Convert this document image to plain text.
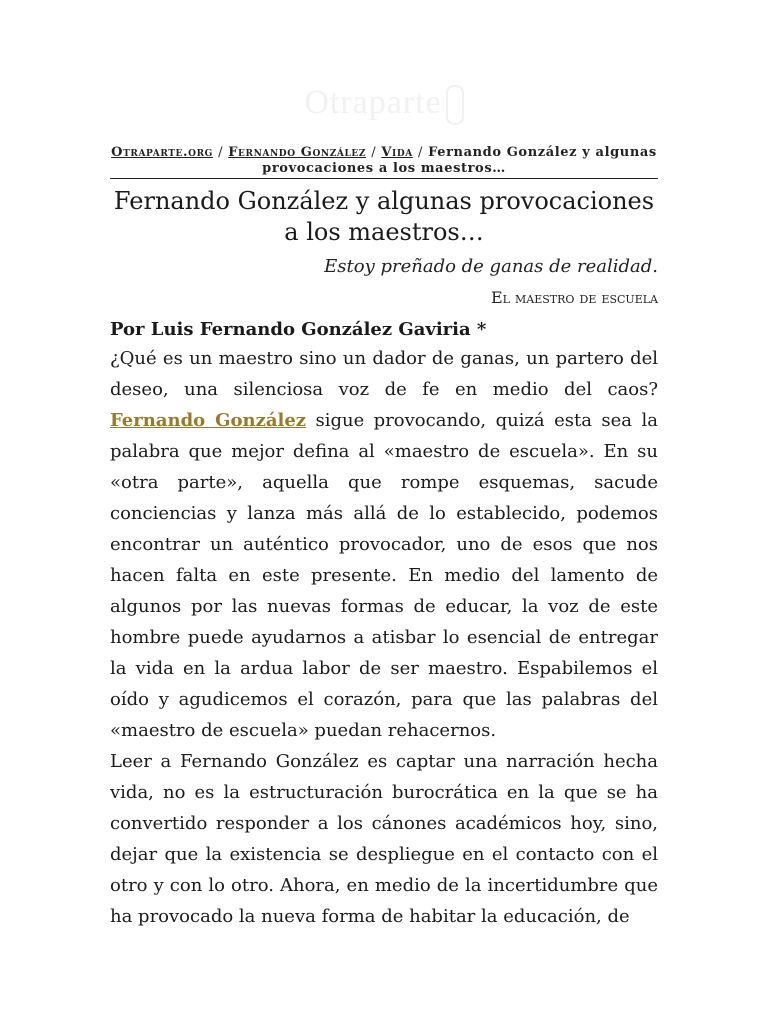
Otraparte
Otraparte.org / Fernando González / Vida / Fernando González y algunas provocaciones a los maestros…
Fernando González y algunas provocaciones a los maestros…
Estoy preñado de ganas de realidad.
El maestro de escuela
Por Luis Fernando González Gaviria *

¿Qué es un maestro sino un dador de ganas, un partero del deseo, una silenciosa voz de fe en medio del caos? Fernando González sigue provocando, quizá esta sea la palabra que mejor defina al «maestro de escuela». En su «otra parte», aquella que rompe esquemas, sacude conciencias y lanza más allá de lo establecido, podemos encontrar un auténtico provocador, uno de esos que nos hacen falta en este presente. En medio del lamento de algunos por las nuevas formas de educar, la voz de este hombre puede ayudarnos a atisbar lo esencial de entregar la vida en la ardua labor de ser maestro. Espabilemos el oído y agudicemos el corazón, para que las palabras del «maestro de escuela» puedan rehacernos.

Leer a Fernando González es captar una narración hecha vida, no es la estructuración burocrática en la que se ha convertido responder a los cánones académicos hoy, sino, dejar que la existencia se despliegue en el contacto con el otro y con lo otro. Ahora, en medio de la incertidumbre que ha provocado la nueva forma de habitar la educación, de
